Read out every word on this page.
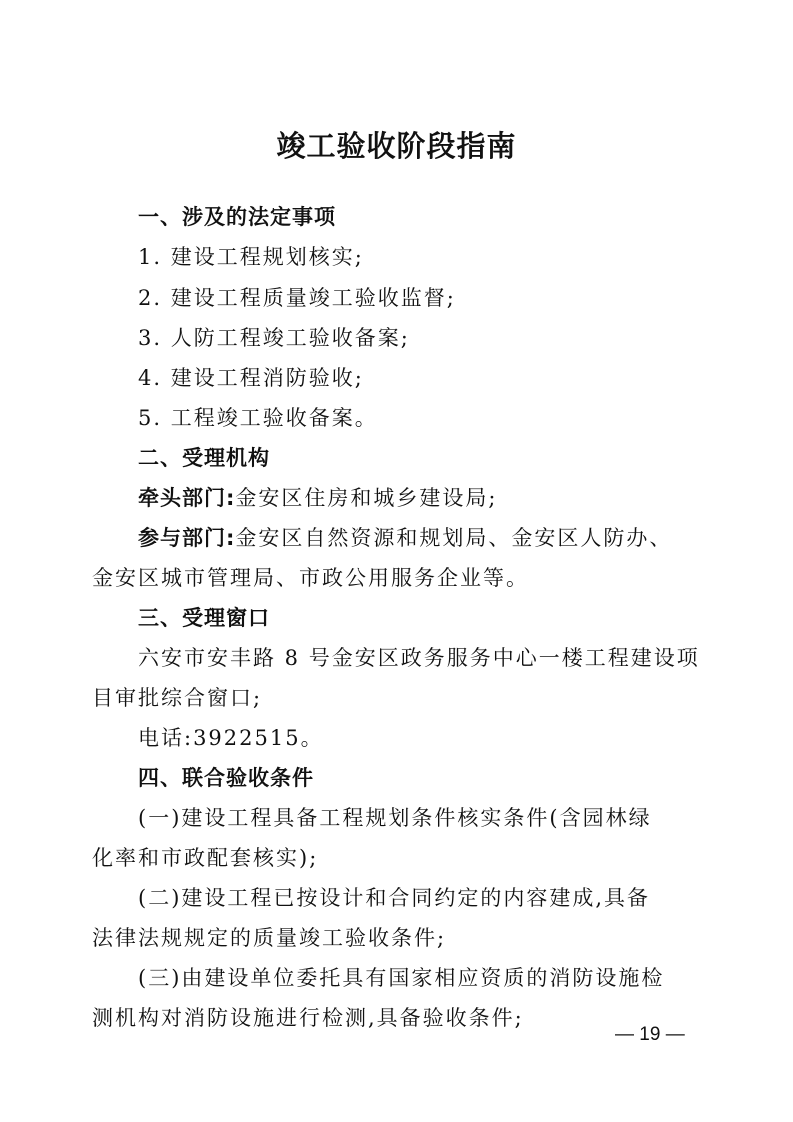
竣工验收阶段指南
一、涉及的法定事项
1. 建设工程规划核实;
2. 建设工程质量竣工验收监督;
3. 人防工程竣工验收备案;
4. 建设工程消防验收;
5. 工程竣工验收备案。
二、受理机构
牵头部门:金安区住房和城乡建设局;
参与部门:金安区自然资源和规划局、金安区人防办、
金安区城市管理局、市政公用服务企业等。
三、受理窗口
六安市安丰路 8 号金安区政务服务中心一楼工程建设项
目审批综合窗口;
电话:3922515。
四、联合验收条件
(一)建设工程具备工程规划条件核实条件(含园林绿
化率和市政配套核实);
(二)建设工程已按设计和合同约定的内容建成,具备
法律法规规定的质量竣工验收条件;
(三)由建设单位委托具有国家相应资质的消防设施检
测机构对消防设施进行检测,具备验收条件;
— 19 —
